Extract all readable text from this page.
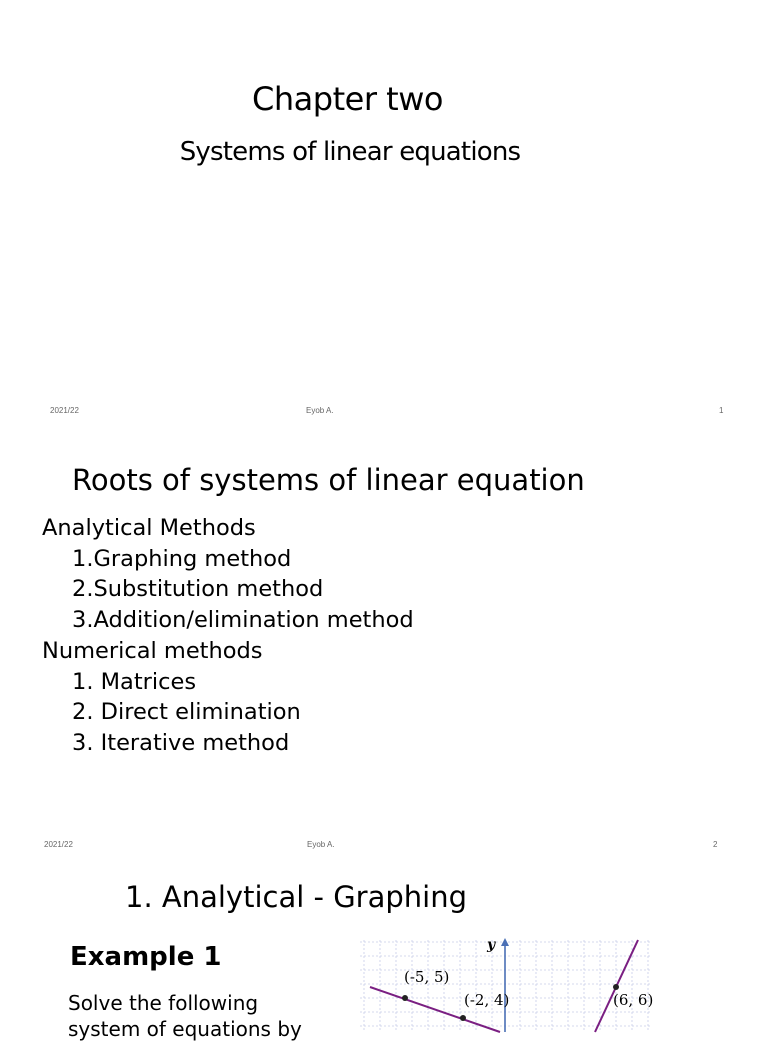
Chapter two
Systems of linear equations
2021/22	Eyob A.	1
Roots of systems of linear equation
Analytical Methods
1.Graphing method
2.Substitution method
3.Addition/elimination method
Numerical methods
1. Matrices
2. Direct elimination
3. Iterative method
2021/22	Eyob A.	2
1. Analytical - Graphing
Example 1
Solve the following
system of equations by
y
(-5, 5)
(-2, 4)	(6, 6)
